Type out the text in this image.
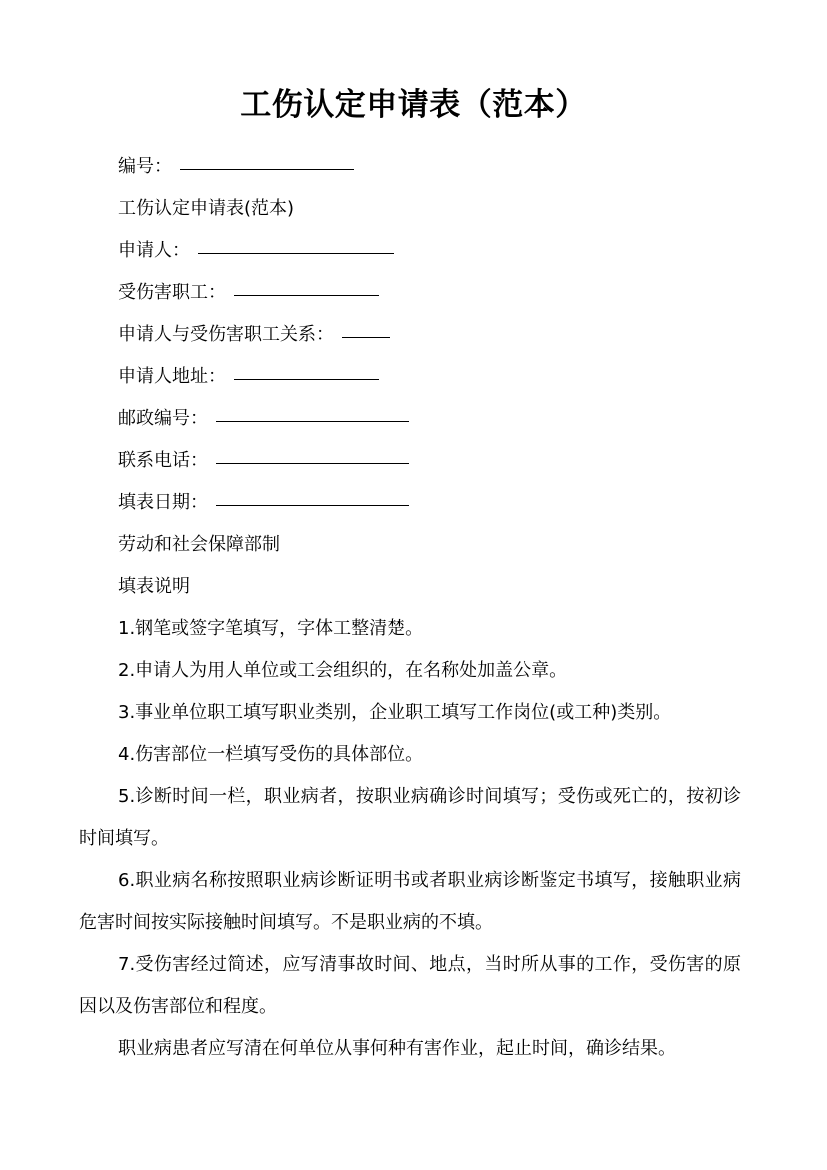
工伤认定申请表（范本）

编号：

工伤认定申请表(范本)

申请人：

受伤害职工：

申请人与受伤害职工关系：

申请人地址：

邮政编号：

联系电话：

填表日期：

劳动和社会保障部制

填表说明

1.钢笔或签字笔填写，字体工整清楚。

2.申请人为用人单位或工会组织的，在名称处加盖公章。

3.事业单位职工填写职业类别，企业职工填写工作岗位(或工种)类别。

4.伤害部位一栏填写受伤的具体部位。

5.诊断时间一栏，职业病者，按职业病确诊时间填写；受伤或死亡的，按初诊时间填写。

6.职业病名称按照职业病诊断证明书或者职业病诊断鉴定书填写，接触职业病危害时间按实际接触时间填写。不是职业病的不填。

7.受伤害经过简述，应写清事故时间、地点，当时所从事的工作，受伤害的原因以及伤害部位和程度。

职业病患者应写清在何单位从事何种有害作业，起止时间，确诊结果。
